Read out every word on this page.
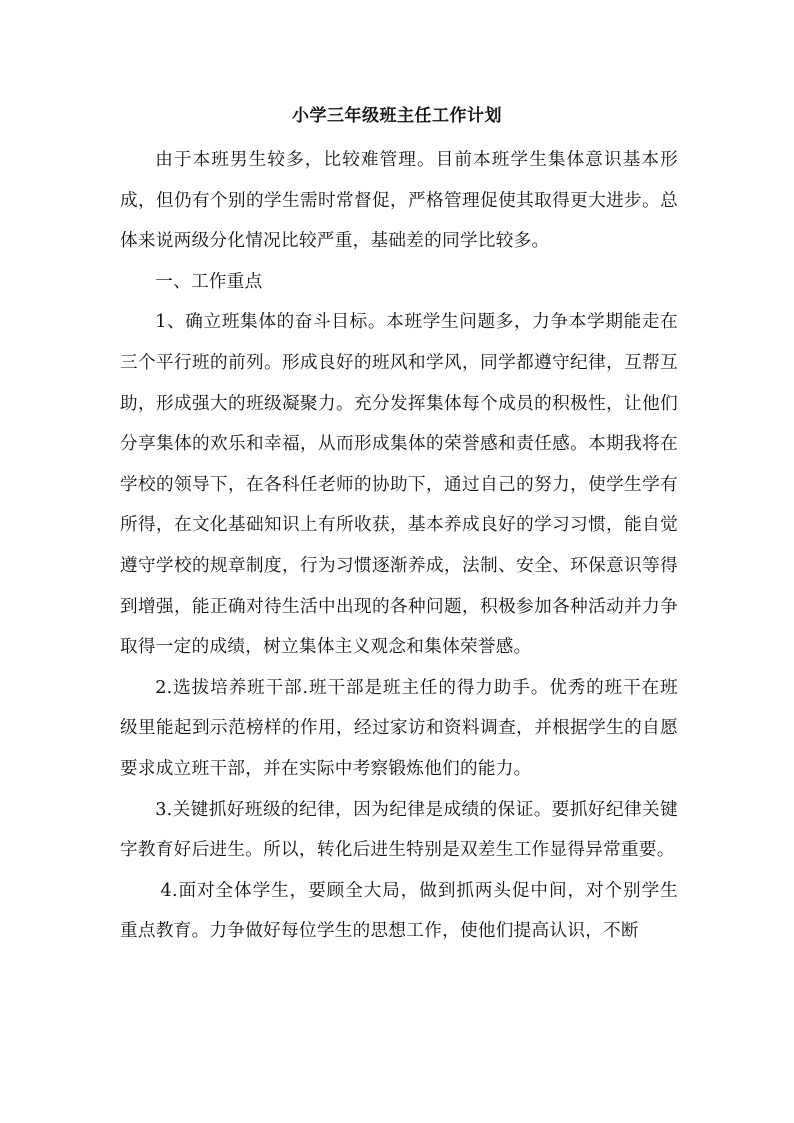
小学三年级班主任工作计划

由于本班男生较多，比较难管理。目前本班学生集体意识基本形成，但仍有个别的学生需时常督促，严格管理促使其取得更大进步。总体来说两级分化情况比较严重，基础差的同学比较多。

一、工作重点

1、确立班集体的奋斗目标。本班学生问题多，力争本学期能走在三个平行班的前列。形成良好的班风和学风，同学都遵守纪律，互帮互助，形成强大的班级凝聚力。充分发挥集体每个成员的积极性，让他们分享集体的欢乐和幸福，从而形成集体的荣誉感和责任感。本期我将在学校的领导下，在各科任老师的协助下，通过自己的努力，使学生学有所得，在文化基础知识上有所收获，基本养成良好的学习习惯，能自觉遵守学校的规章制度，行为习惯逐渐养成，法制、安全、环保意识等得到增强，能正确对待生活中出现的各种问题，积极参加各种活动并力争取得一定的成绩，树立集体主义观念和集体荣誉感。

2.选拔培养班干部.班干部是班主任的得力助手。优秀的班干在班级里能起到示范榜样的作用，经过家访和资料调查，并根据学生的自愿要求成立班干部，并在实际中考察锻炼他们的能力。

3.关键抓好班级的纪律，因为纪律是成绩的保证。要抓好纪律关键字教育好后进生。所以，转化后进生特别是双差生工作显得异常重要。

4.面对全体学生，要顾全大局，做到抓两头促中间，对个别学生重点教育。力争做好每位学生的思想工作，使他们提高认识，不断
